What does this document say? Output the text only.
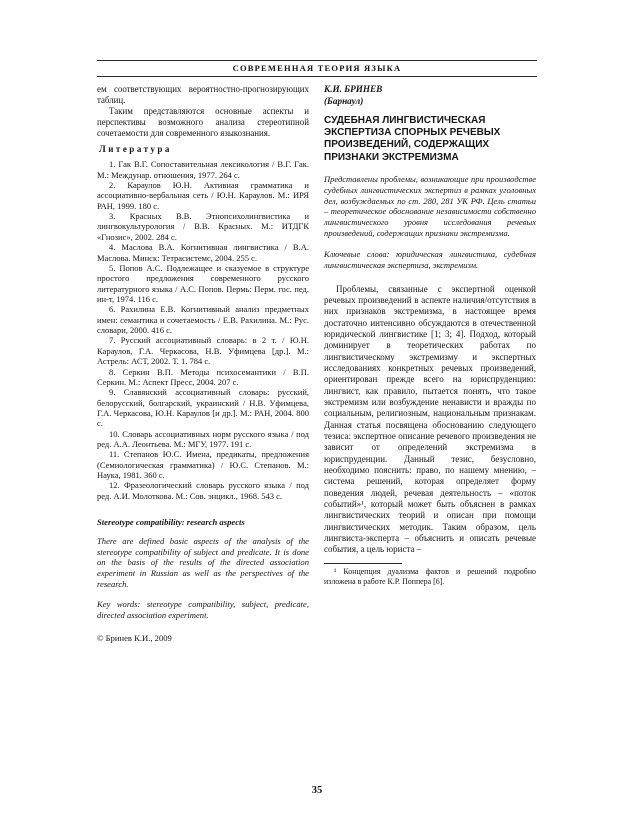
СОВРЕМЕННАЯ ТЕОРИЯ ЯЗЫКА

ем соответствующих вероятностно-прогнозирующих таблиц.

Таким представляются основные аспекты и перспективы возможного анализа стереотипной сочетаемости для современного языкознания.

Литература

1. Гак В.Г. Сопоставительная лексикология / В.Г. Гак. М.: Междунар. отношения, 1977. 264 с.

2. Караулов Ю.Н. Активная грамматика и ассоциативно-вербальная сеть / Ю.Н. Караулов. М.: ИРЯ РАН, 1999. 180 с.

3. Красных В.В. Этнопсихолингвистика и лингвокультурология / В.В. Красных. М.: ИТДГК «Гнозис», 2002. 284 с.

4. Маслова В.А. Когнитивная лингвистика / В.А. Маслова. Минск: Тетрасистемс, 2004. 255 с.

5. Попов А.С. Подлежащее и сказуемое в структуре простого предложения современного русского литературного языка / А.С. Попов. Пермь: Перм. гос. пед. ин-т, 1974. 116 с.

6. Рахилина Е.В. Когнитивный анализ предметных имен: семантика и сочетаемость / Е.В. Рахилина. М.: Рус. словари, 2000. 416 с.

7. Русский ассоциативный словарь: в 2 т. / Ю.Н. Караулов, Г.А. Черкасова, Н.В. Уфимцева [др.]. М.: Астрель: АСТ, 2002. Т. 1. 784 с.

8. Серкин В.П. Методы психосемантики / В.П. Серкин. М.: Аспект Пресс, 2004. 207 с.

9. Славянский ассоциативный словарь: русский, белорусский, болгарский, украинский / Н.В. Уфимцева, Г.А. Черкасова, Ю.Н. Караулов [и др.]. М.: РАН, 2004. 800 с.

10. Словарь ассоциативных норм русского языка / под ред. А.А. Леонтьева. М.: МГУ, 1977. 191 с.

11. Степанов Ю.С. Имена, предикаты, предложения (Семиологическая грамматика) / Ю.С. Степанов. М.: Наука, 1981. 360 с.

12. Фразеологический словарь русского языка / под ред. А.И. Молоткова. М.: Сов. энцикл., 1968. 543 с.

Stereotype compatibility: research aspects

There are defined basic aspects of the analysis of the stereotype compatibility of subject and predicate. It is done on the basis of the results of the directed association experiment in Russian as well as the perspectives of the research.

Key words: stereotype compatibility, subject, predicate, directed association experiment.

© Бринев К.И., 2009

К.И. БРИНЕВ

(Барнаул)

СУДЕБНАЯ ЛИНГВИСТИЧЕСКАЯ ЭКСПЕРТИЗА СПОРНЫХ РЕЧЕВЫХ ПРОИЗВЕДЕНИЙ, СОДЕРЖАЩИХ ПРИЗНАКИ ЭКСТРЕМИЗМА

Представлены проблемы, возникающие при производстве судебных лингвистических экспертиз в рамках уголовных дел, возбуждаемых по ст. 280, 281 УК РФ. Цель статьи – теоретическое обоснование независимости собственно лингвистического уровня исследования речевых произведений, содержащих признаки экстремизма.

Ключевые слова: юридическая лингвистика, судебная лингвистическая экспертиза, экстремизм.

Проблемы, связанные с экспертной оценкой речевых произведений в аспекте наличия/отсутствия в них признаков экстремизма, в настоящее время достаточно интенсивно обсуждаются в отечественной юридической лингвистике [1; 3; 4]. Подход, который доминирует в теоретических работах по лингвистическому экстремизму и экспертных исследованиях конкретных речевых произведений, ориентирован прежде всего на юриспруденцию: лингвист, как правило, пытается понять, что такое экстремизм или возбуждение ненависти и вражды по социальным, религиозным, национальным признакам. Данная статья посвящена обоснованию следующего тезиса: экспертное описание речевого произведения не зависит от определений экстремизма в юриспруденции. Данный тезис, безусловно, необходимо пояснить: право, по нашему мнению, – система решений, которая определяет форму поведения людей, речевая деятельность – «поток событий»¹, который может быть объяснен в рамках лингвистических теорий и описан при помощи лингвистических методик. Таким образом, цель лингвиста-эксперта – объяснить и описать речевые события, а цель юриста –

¹ Концепция дуализма фактов и решений подробно изложена в работе К.Р. Поппера [6].

35
